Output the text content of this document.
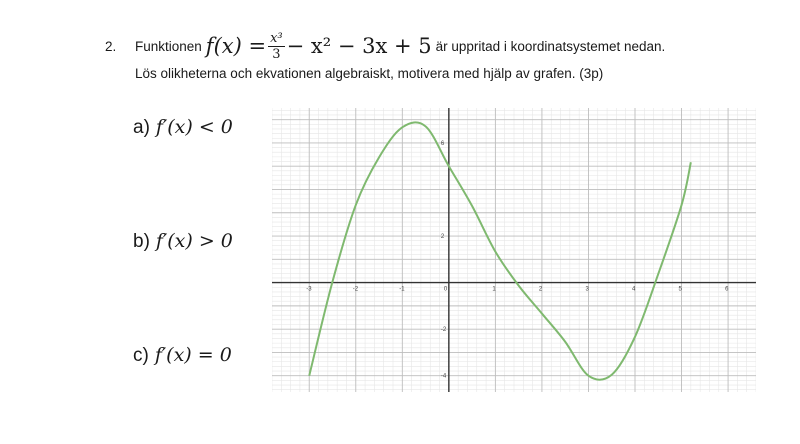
2.	Funktionen $f(x) = \frac{\text{x³}}{3} - x^2 - 3x + 5$ är uppritad i koordinatsystemet nedan.
Lös olikheterna och ekvationen algebraiskt, motivera med hjälp av grafen. (3p)
a) f′(x) < 0
b) f′(x) > 0
c) f′(x) = 0
-3	-2	-1	0	1	2	3	4	5	6
-4
-2
2
6
